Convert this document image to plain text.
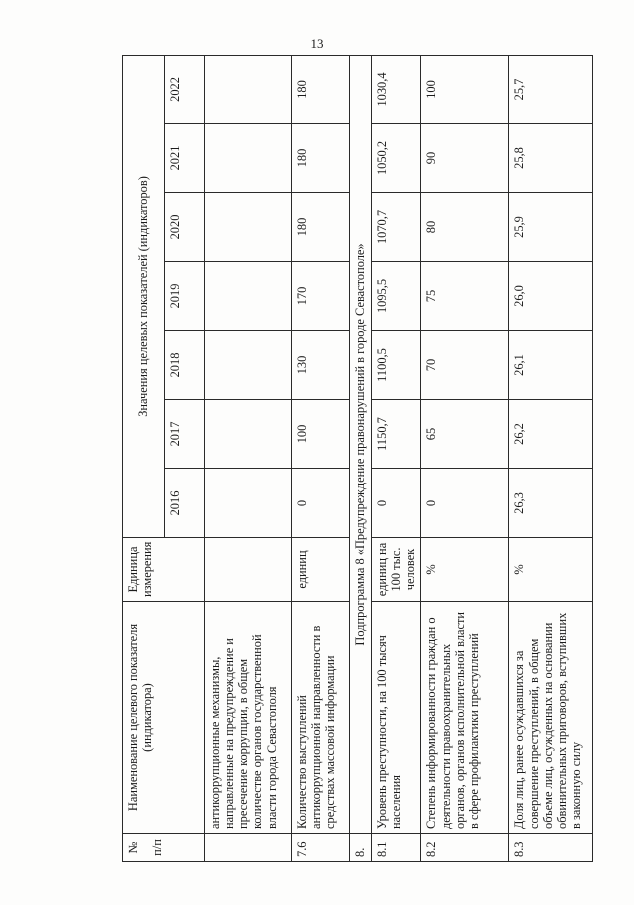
13
№ п/п	Наименование целевого показателя (индикатора)	Единица измерения	Значения целевых показателей (индикаторов)						
			2016	2017	2018	2019	2020	2021	2022
	антикоррупционные механизмы, направленные на предупреждение и пресечение коррупции, в общем количестве органов государственной власти города Севастополя								
7.6	Количество выступлений антикоррупционной направленности в средствах массовой информации	единиц	0	100	130	170	180	180	180
8.	Подпрограмма 8 «Предупреждение правонарушений в городе Севастополе»								
8.1	Уровень преступности, на 100 тысяч населения	единиц на 100 тыс. человек	0	1150,7	1100,5	1095,5	1070,7	1050,2	1030,4
8.2	Степень информированности граждан о деятельности правоохранительных органов, органов исполнительной власти в сфере профилактики преступлений	%	0	65	70	75	80	90	100
8.3	Доля лиц, ранее осуждавшихся за совершение преступлений, в общем объеме лиц, осужденных на основании обвинительных приговоров, вступивших в законную силу	%	26,3	26,2	26,1	26,0	25,9	25,8	25,7
